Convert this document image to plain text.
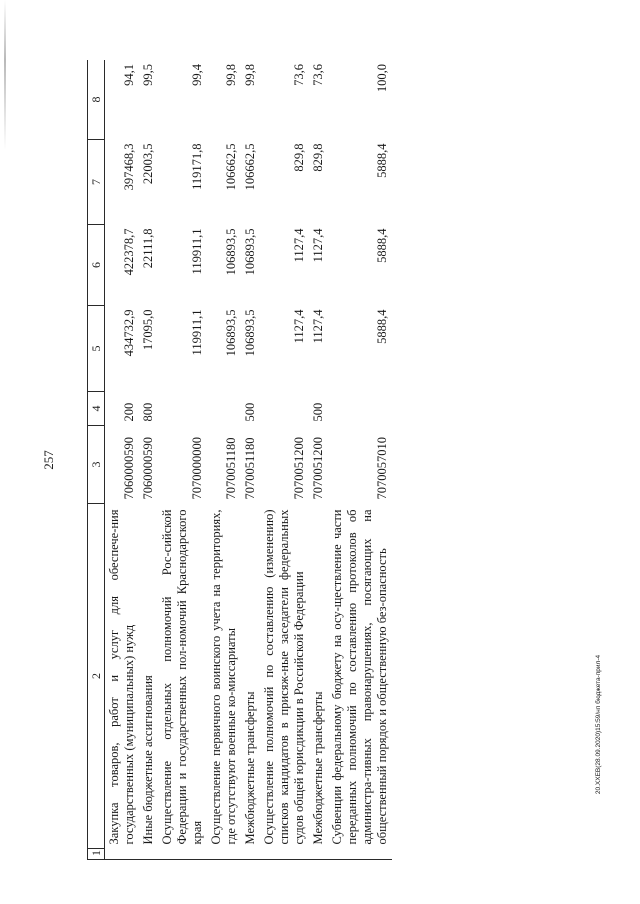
257
20.ХХЕВ(28.09.2020)15:59/нп бюджета-прил-4
1	2	3	4	5	6	7	8
	Закупка товаров, работ и услуг для обеспече-ния государственных (муниципальных) нужд	7060000590	200	434732,9	422378,7	397468,3	94,1
	Иные бюджетные ассигнования	7060000590	800	17095,0	22111,8	22003,5	99,5
	Осуществление отдельных полномочий Рос-сийской Федерации и государственных пол-номочий Краснодарского края	7070000000		119911,1	119911,1	119171,8	99,4
	Осуществление первичного воинского учета на территориях, где отсутствуют военные ко-миссариаты	7070051180		106893,5	106893,5	106662,5	99,8
	Межбюджетные трансферты	7070051180	500	106893,5	106893,5	106662,5	99,8
	Осуществление полномочий по составлению (изменению) списков кандидатов в присяж-ные заседатели федеральных судов общей юрисдикции в Российской Федерации	7070051200		1127,4	1127,4	829,8	73,6
	Межбюджетные трансферты	7070051200	500	1127,4	1127,4	829,8	73,6
	Субвенции федеральному бюджету на осу-ществление части переданных полномочий по составлению протоколов об администра-тивных правонарушениях, посягающих на общественный порядок и общественную без-опасность	7070057010		5888,4	5888,4	5888,4	100,0
